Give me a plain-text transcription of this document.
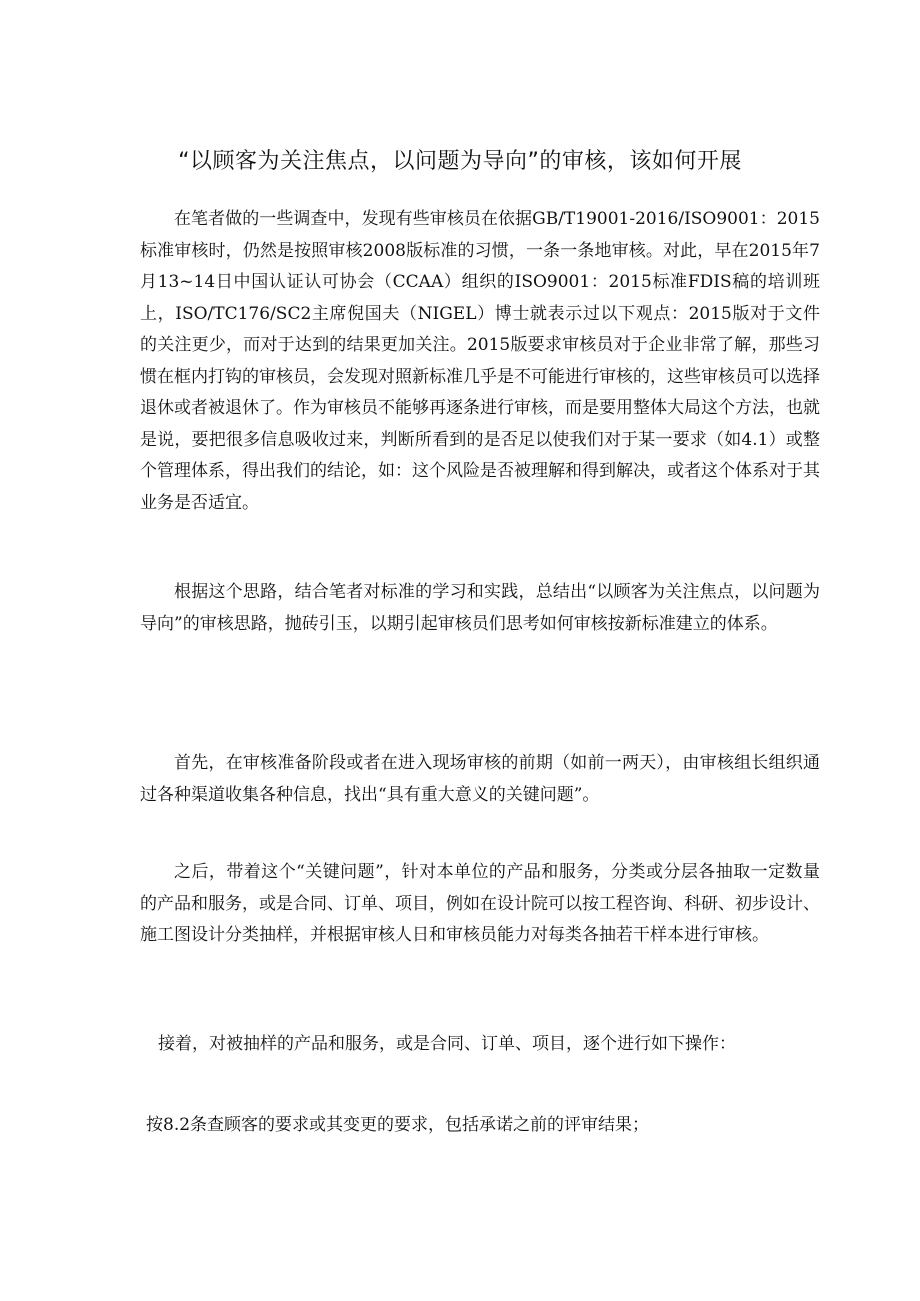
“以顾客为关注焦点，以问题为导向”的审核，该如何开展

在笔者做的一些调查中，发现有些审核员在依据GB/T19001-2016/ISO9001：2015标准审核时，仍然是按照审核2008版标准的习惯，一条一条地审核。对此，早在2015年7月13~14日中国认证认可协会（CCAA）组织的ISO9001：2015标准FDIS稿的培训班上，ISO/TC176/SC2主席倪国夫（NIGEL）博士就表示过以下观点：2015版对于文件的关注更少，而对于达到的结果更加关注。2015版要求审核员对于企业非常了解，那些习惯在框内打钩的审核员，会发现对照新标准几乎是不可能进行审核的，这些审核员可以选择退休或者被退休了。作为审核员不能够再逐条进行审核，而是要用整体大局这个方法，也就是说，要把很多信息吸收过来，判断所看到的是否足以使我们对于某一要求（如4.1）或整个管理体系，得出我们的结论，如：这个风险是否被理解和得到解决，或者这个体系对于其业务是否适宜。

根据这个思路，结合笔者对标准的学习和实践，总结出“以顾客为关注焦点，以问题为导向”的审核思路，抛砖引玉，以期引起审核员们思考如何审核按新标准建立的体系。

首先，在审核准备阶段或者在进入现场审核的前期（如前一两天），由审核组长组织通过各种渠道收集各种信息，找出“具有重大意义的关键问题”。

之后，带着这个“关键问题”，针对本单位的产品和服务，分类或分层各抽取一定数量的产品和服务，或是合同、订单、项目，例如在设计院可以按工程咨询、科研、初步设计、施工图设计分类抽样，并根据审核人日和审核员能力对每类各抽若干样本进行审核。

接着，对被抽样的产品和服务，或是合同、订单、项目，逐个进行如下操作：

按8.2条查顾客的要求或其变更的要求，包括承诺之前的评审结果；
